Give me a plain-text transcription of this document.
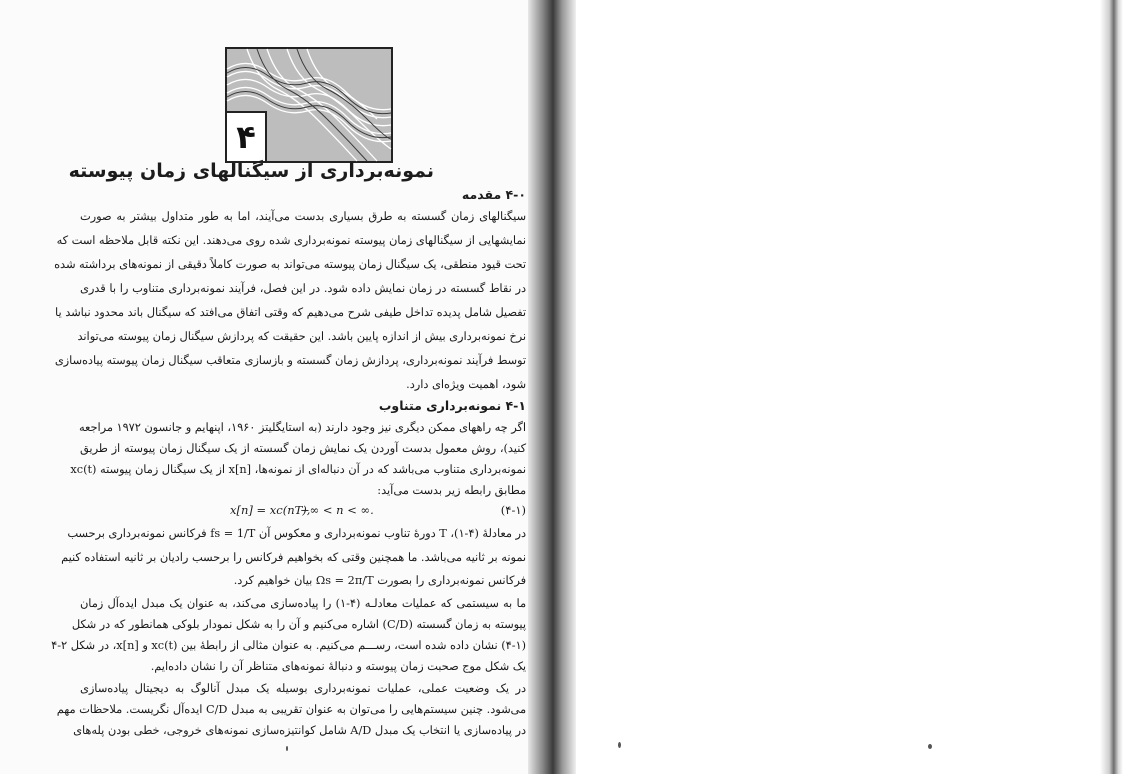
۴
نمونه‌برداری از سیگنالهای زمان پیوسته
۴-۰ مقدمه
سیگنالهای زمان گسسته به طرق بسیاری بدست می‌آیند، اما به طور متداول بیشتر به صورت
نمایشهایی از سیگنالهای زمان پیوسته نمونه‌برداری شده روی می‌دهند. این نکته قابل ملاحظه است که
تحت قیود منطقی، یک سیگنال زمان پیوسته می‌تواند به صورت کاملاً دقیقی از نمونه‌های برداشته شده
در نقاط گسسته در زمان نمایش داده شود. در این فصل، فرآیند نمونه‌برداری متناوب را با قدری
تفصیل شامل پدیده تداخل طیفی شرح می‌دهیم که وقتی اتفاق می‌افتد که سیگنال باند محدود نباشد یا
نرخ نمونه‌برداری بیش از اندازه پایین باشد. این حقیقت که پردازش سیگنال زمان پیوسته می‌تواند
توسط فرآیند نمونه‌برداری، پردازش زمان گسسته و بازسازی متعاقب سیگنال زمان پیوسته پیاده‌سازی
شود، اهمیت ویژه‌ای دارد.
۴-۱ نمونه‌برداری متناوب
اگر چه راههای ممکن دیگری نیز وجود دارند (به استایگلیتز ۱۹۶۰، اپنهایم و جانسون ۱۹۷۲ مراجعه
کنید)، روش معمول بدست آوردن یک نمایش زمان گسسته از یک سیگنال زمان پیوسته از طریق
نمونه‌برداری متناوب می‌باشد که در آن دنباله‌ای از نمونه‌ها، x[n] از یک سیگنال زمان پیوسته xc(t)
مطابق رابطه زیر بدست می‌آید:
x[n] = xc(nT),
−∞ < n < ∞.	(۴-۱)
در معادلهٔ (۴-۱)، T دورهٔ تناوب نمونه‌برداری و معکوس آن fs = 1/T فرکانس نمونه‌برداری برحسب
نمونه بر ثانیه می‌باشد. ما همچنین وقتی که بخواهیم فرکانس را برحسب رادیان بر ثانیه استفاده کنیم
فرکانس نمونه‌برداری را بصورت Ωs = 2π/T بیان خواهیم کرد.
ما به سیستمی که عملیات معادلـه (۴-۱) را پیاده‌سازی می‌کند، به عنوان یک مبدل ایده‌آل زمان
پیوسته به زمان گسسته (C/D) اشاره می‌کنیم و آن را به شکل نمودار بلوکی همانطور که در شکل
(۴-۱) نشان داده شده است، رســـم می‌کنیم. به عنوان مثالی از رابطهٔ بین xc(t) و x[n]، در شکل ۲-۴
یک شکل موج صحبت زمان پیوسته و دنبالهٔ نمونه‌های متناظر آن را نشان داده‌ایم.
در یک وضعیت عملی، عملیات نمونه‌برداری بوسیله یک مبدل آنالوگ به دیجیتال پیاده‌سازی
می‌شود. چنین سیستم‌هایی را می‌توان به عنوان تقریبی به مبدل C/D ایده‌آل نگریست. ملاحظات مهم
در پیاده‌سازی یا انتخاب یک مبدل A/D شامل کوانتیزه‌سازی نمونه‌های خروجی، خطی بودن پله‌های
